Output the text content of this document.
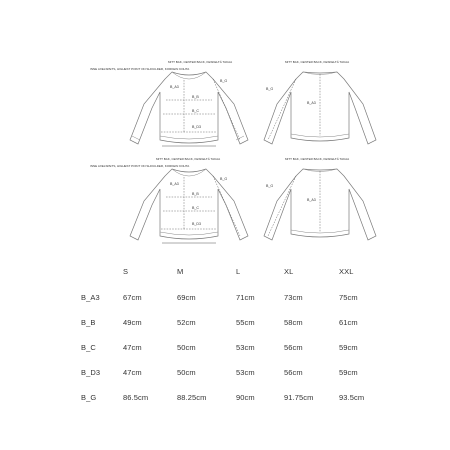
MITT BAK, CENTER BACK, KESKELTÄ TAKAA
INNE AXELSPETS, HIGHEST POINT ON SHOULDER, KORKEIN KOHTA
B_A3
B_B
B_C
B_D3
B_G
MITT BAK, CENTER BACK, KESKELTÄ TAKAA
B_A3
B_G
MITT BAK, CENTER BACK, KESKELTÄ TAKAA
INNE AXELSPETS, HIGHEST POINT ON SHOULDER, KORKEIN KOHTA
B_A3
B_B
B_C
B_D3
B_G
MITT BAK, CENTER BACK, KESKELTÄ TAKAA
B_A3
B_G
S	M	L	XL	XXL
B_A3	67cm	69cm	71cm	73cm	75cm
B_B	49cm	52cm	55cm	58cm	61cm
B_C	47cm	50cm	53cm	56cm	59cm
B_D3	47cm	50cm	53cm	56cm	59cm
B_G	86.5cm	88.25cm	90cm	91.75cm	93.5cm
